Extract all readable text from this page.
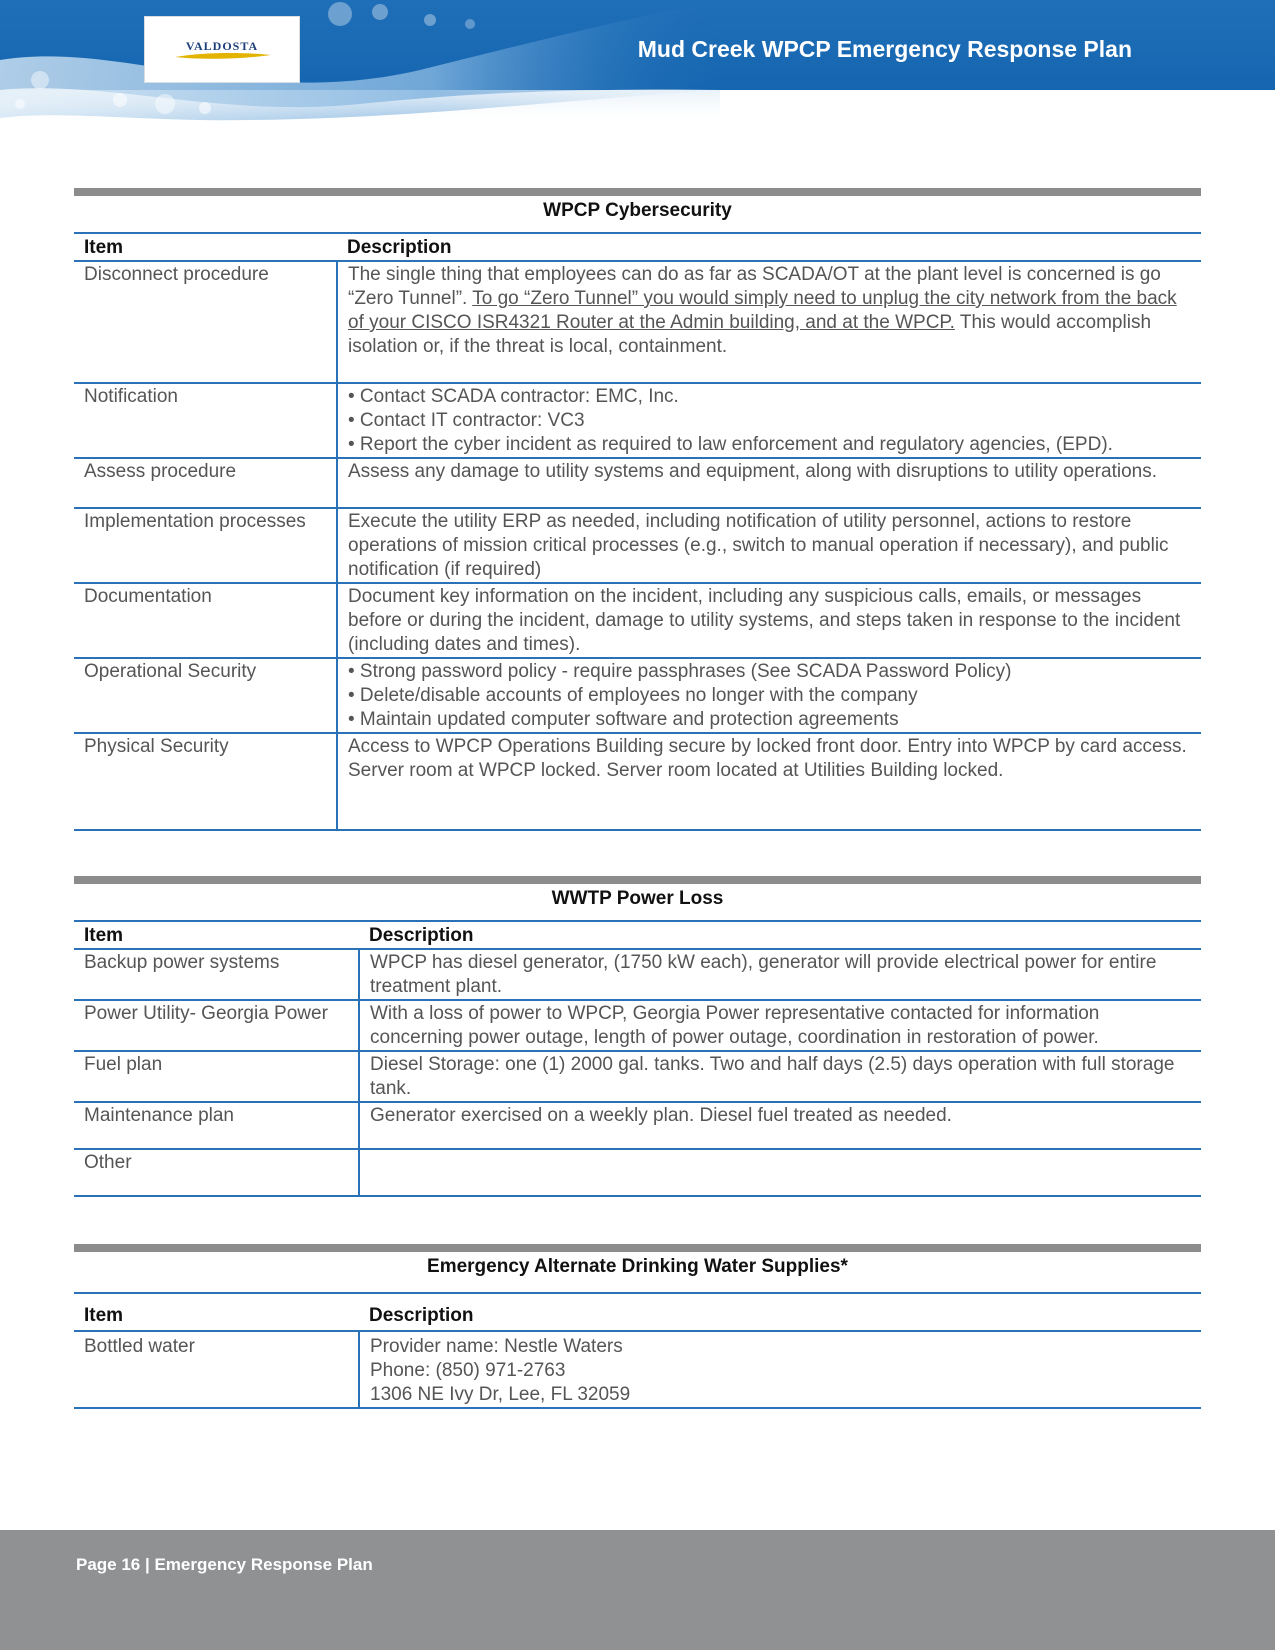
VALDOSTA	Mud Creek WPCP Emergency Response Plan
WPCP Cybersecurity
Item	Description
Disconnect procedure	The single thing that employees can do as far as SCADA/OT at the plant level is concerned is go “Zero Tunnel”. To go “Zero Tunnel” you would simply need to unplug the city network from the back of your CISCO ISR4321 Router at the Admin building, and at the WPCP. This would accomplish isolation or, if the threat is local, containment.
Notification	• Contact SCADA contractor: EMC, Inc.
• Contact IT contractor: VC3
• Report the cyber incident as required to law enforcement and regulatory agencies, (EPD).

Assess procedure	Assess any damage to utility systems and equipment, along with disruptions to utility operations.
Implementation processes	Execute the utility ERP as needed, including notification of utility personnel, actions to restore operations of mission critical processes (e.g., switch to manual operation if necessary), and public notification (if required)
Documentation	Document key information on the incident, including any suspicious calls, emails, or messages before or during the incident, damage to utility systems, and steps taken in response to the incident (including dates and times).
Operational Security	• Strong password policy - require passphrases (See SCADA Password Policy)
• Delete/disable accounts of employees no longer with the company
• Maintain updated computer software and protection agreements

Physical Security	Access to WPCP Operations Building secure by locked front door. Entry into WPCP by card access. Server room at WPCP locked. Server room located at Utilities Building locked.
WWTP Power Loss
Item	Description
Backup power systems	WPCP has diesel generator, (1750 kW each), generator will provide electrical power for entire treatment plant.
Power Utility- Georgia Power	With a loss of power to WPCP, Georgia Power representative contacted for information concerning power outage, length of power outage, coordination in restoration of power.
Fuel plan	Diesel Storage: one (1) 2000 gal. tanks. Two and half days (2.5) days operation with full storage tank.
Maintenance plan	Generator exercised on a weekly plan. Diesel fuel treated as needed.
Other	
Emergency Alternate Drinking Water Supplies*
Item	Description
Bottled water	Provider name: Nestle Waters
Phone: (850) 971-2763
1306 NE Ivy Dr, Lee, FL 32059
Page 16 | Emergency Response Plan
